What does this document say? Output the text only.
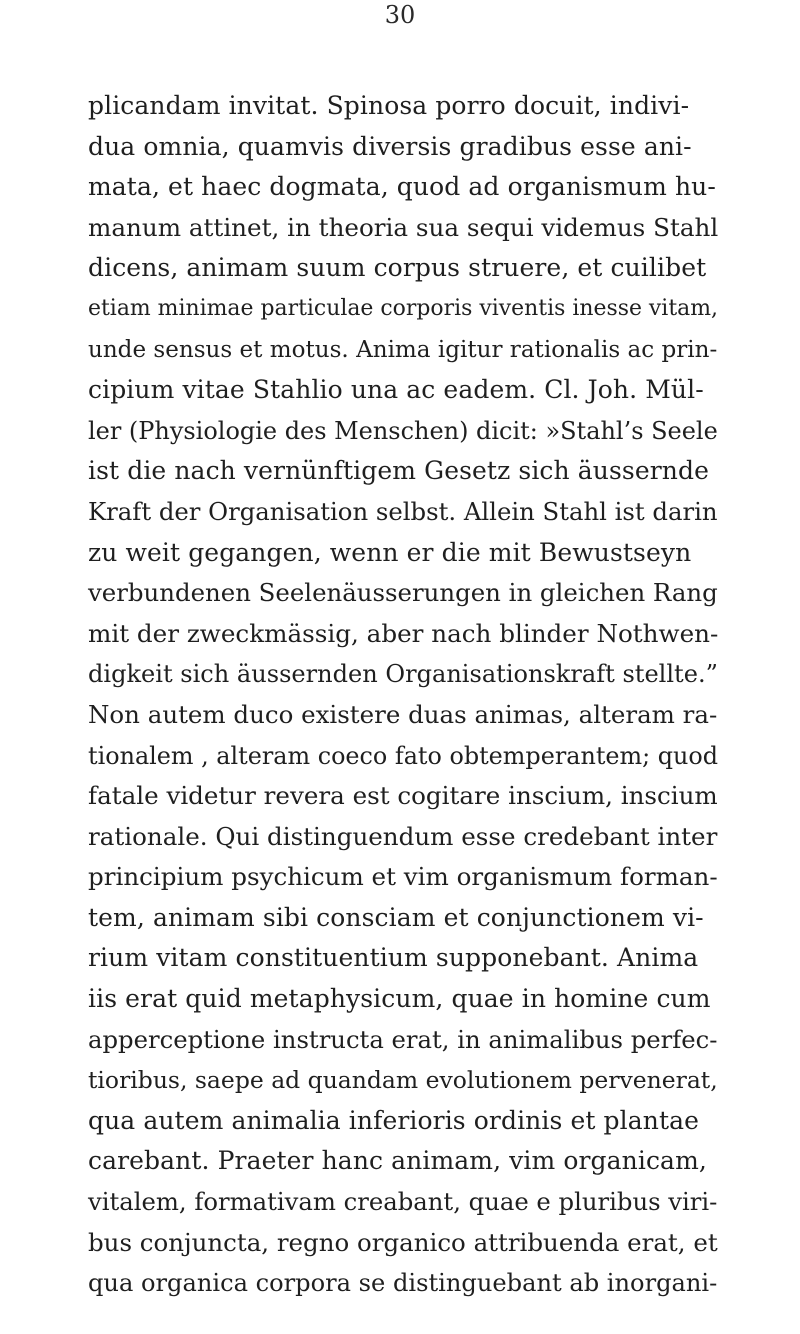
30
plicandam invitat. Spinosa porro docuit, indivi-
dua omnia, quamvis diversis gradibus esse ani-
mata, et haec dogmata, quod ad organismum hu-
manum attinet, in theoria sua sequi videmus Stahl
dicens, animam suum corpus struere, et cuilibet
etiam minimae particulae corporis viventis inesse vitam,
unde sensus et motus. Anima igitur rationalis ac prin-
cipium vitae Stahlio una ac eadem. Cl. Joh. Mül-
ler (Physiologie des Menschen) dicit: »Stahl’s Seele
ist die nach vernünftigem Gesetz sich äussernde
Kraft der Organisation selbst. Allein Stahl ist darin
zu weit gegangen, wenn er die mit Bewustseyn
verbundenen Seelenäusserungen in gleichen Rang
mit der zweckmässig, aber nach blinder Nothwen-
digkeit sich äussernden Organisationskraft stellte.”
Non autem duco existere duas animas, alteram ra-
tionalem , alteram coeco fato obtemperantem; quod
fatale videtur revera est cogitare inscium, inscium
rationale. Qui distinguendum esse credebant inter
principium psychicum et vim organismum forman-
tem, animam sibi consciam et conjunctionem vi-
rium vitam constituentium supponebant. Anima
iis erat quid metaphysicum, quae in homine cum
apperceptione instructa erat, in animalibus perfec-
tioribus, saepe ad quandam evolutionem pervenerat,
qua autem animalia inferioris ordinis et plantae
carebant. Praeter hanc animam, vim organicam,
vitalem, formativam creabant, quae e pluribus viri-
bus conjuncta, regno organico attribuenda erat, et
qua organica corpora se distinguebant ab inorgani-
